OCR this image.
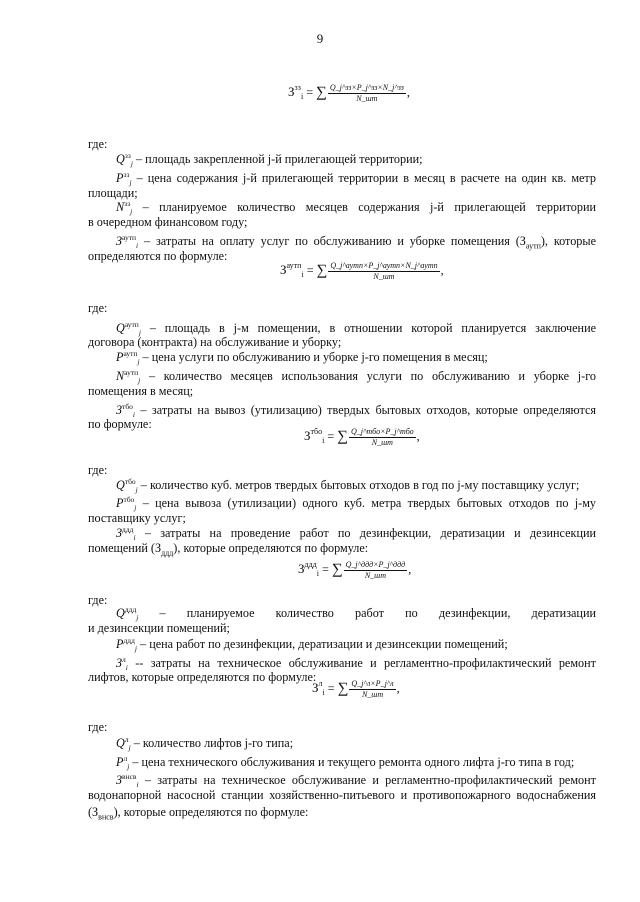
9
$З^{зз}_i$ = ∑ $\frac{Q\_j\^{}зз\times P\_j\^{}зз\times N\_j\^{}зз}{N\_шт}$ ,
где:
$Q^{зз}_j$ – площадь закрепленной j-й прилегающей территории;
$P^{зз}_j$ – цена содержания j-й прилегающей территории в месяц в расчете на один кв. метр
площади;
$N^{зз}_j$ – планируемое количество месяцев содержания j-й прилегающей территории
в очередном финансовом году;
$З^{аутп}_i$ – затраты на оплату услуг по обслуживанию и уборке помещения $(З_{аутп})$, которые
определяются по формуле:
$З^{аутп}_i$ = ∑ $\frac{\text{Q\_j\textasciicircum{}аутп×P\_j\textasciicircum{}аутп×N\_j\textasciicircum{}аутп}}{N\_шт}$ ,
где:
$Q^{аутп}_j$ – площадь в j-м помещении, в отношении которой планируется заключение
договора (контракта) на обслуживание и уборку;
$P^{аутп}_j$ – цена услуги по обслуживанию и уборке j-го помещения в месяц;
$N^{аутп}_j$ – количество месяцев использования услуги по обслуживанию и уборке j-го
помещения в месяц;
$З^{тбо}_i$ – затраты на вывоз (утилизацию) твердых бытовых отходов, которые определяются
по формуле:
$З^{тбо}_i$ = ∑ $\frac{\text{Q\_j\textasciicircum{}тбо×P\_j\textasciicircum{}тбо}}{N\_шт}$ ,
где:
$Q^{тбо}_j$ – количество куб. метров твердых бытовых отходов в год по j-му поставщику услуг;
$P^{тбо}_j$ – цена вывоза (утилизации) одного куб. метра твердых бытовых отходов по j-му
поставщику услуг;
$З^{ддд}_i$ – затраты на проведение работ по дезинфекции, дератизации и дезинсекции
помещений $(З_{ддд})$, которые определяются по формуле:
$З^{ддд}_i$ = ∑ $\frac{\text{Q\_j\textasciicircum{}ддд×P\_j\textasciicircum{}ддд}}{N\_шт}$ ,
где:
$Q^{ддд}_j$ – планируемое количество работ по дезинфекции, дератизации
и дезинсекции помещений;
$P^{ддд}_j$ – цена работ по дезинфекции, дератизации и дезинсекции помещений;
$З^л_i$ -- затраты на техническое обслуживание и регламентно-профилактический ремонт
лифтов, которые определяются по формуле:
$З^л_i$ = ∑ $\frac{Q\_j\^{}л\times P\_j\^{}л}{N\_шт}$ ,
где:
$Q^л_j$ – количество лифтов j-го типа;
$P^л_j$ – цена технического обслуживания и текущего ремонта одного лифта j-го типа в год;
$З^{внсв}_i$ – затраты на техническое обслуживание и регламентно-профилактический ремонт
водонапорной насосной станции хозяйственно-питьевого и противопожарного водоснабжения
$(З_{внсв})$, которые определяются по формуле:
